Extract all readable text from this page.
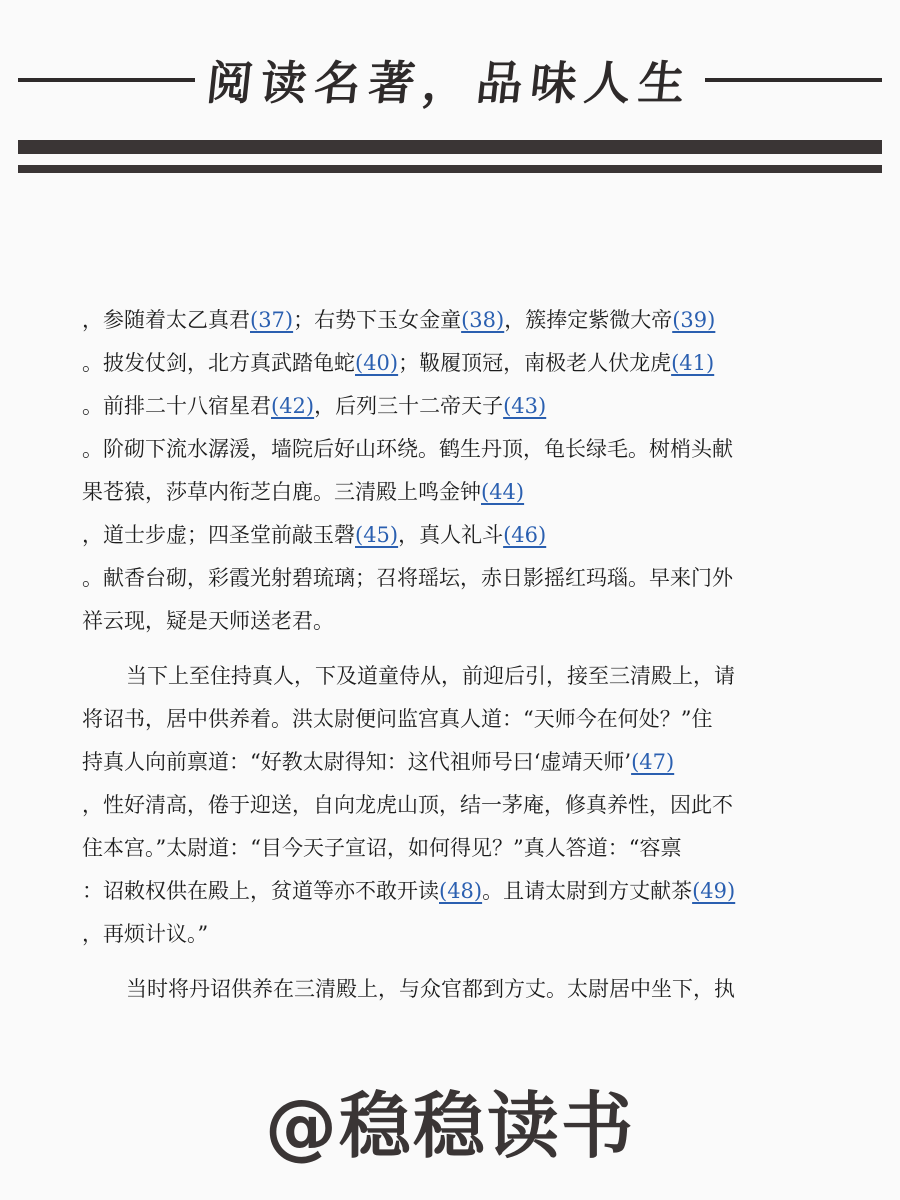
阅读名著，品味人生
，参随着太乙真君(37)；右势下玉女金童(38)，簇捧定紫微大帝(39)
。披发仗剑，北方真武踏龟蛇(40)；靸履顶冠，南极老人伏龙虎(41)
。前排二十八宿星君(42)，后列三十二帝天子(43)
。阶砌下流水潺湲，墙院后好山环绕。鹤生丹顶，龟长绿毛。树梢头献
果苍猿，莎草内衔芝白鹿。三清殿上鸣金钟(44)
，道士步虚；四圣堂前敲玉磬(45)，真人礼斗(46)
。献香台砌，彩霞光射碧琉璃；召将瑶坛，赤日影摇红玛瑙。早来门外
祥云现，疑是天师送老君。
当下上至住持真人，下及道童侍从，前迎后引，接至三清殿上，请
将诏书，居中供养着。洪太尉便问监宫真人道：“天师今在何处？”住
持真人向前禀道：“好教太尉得知：这代祖师号曰‘虚靖天师’(47)
，性好清高，倦于迎送，自向龙虎山顶，结一茅庵，修真养性，因此不
住本宫。”太尉道：“目今天子宣诏，如何得见？”真人答道：“容禀
：诏敕权供在殿上，贫道等亦不敢开读(48)。且请太尉到方丈献茶(49)
，再烦计议。”
当时将丹诏供养在三清殿上，与众官都到方丈。太尉居中坐下，执
@稳稳读书
